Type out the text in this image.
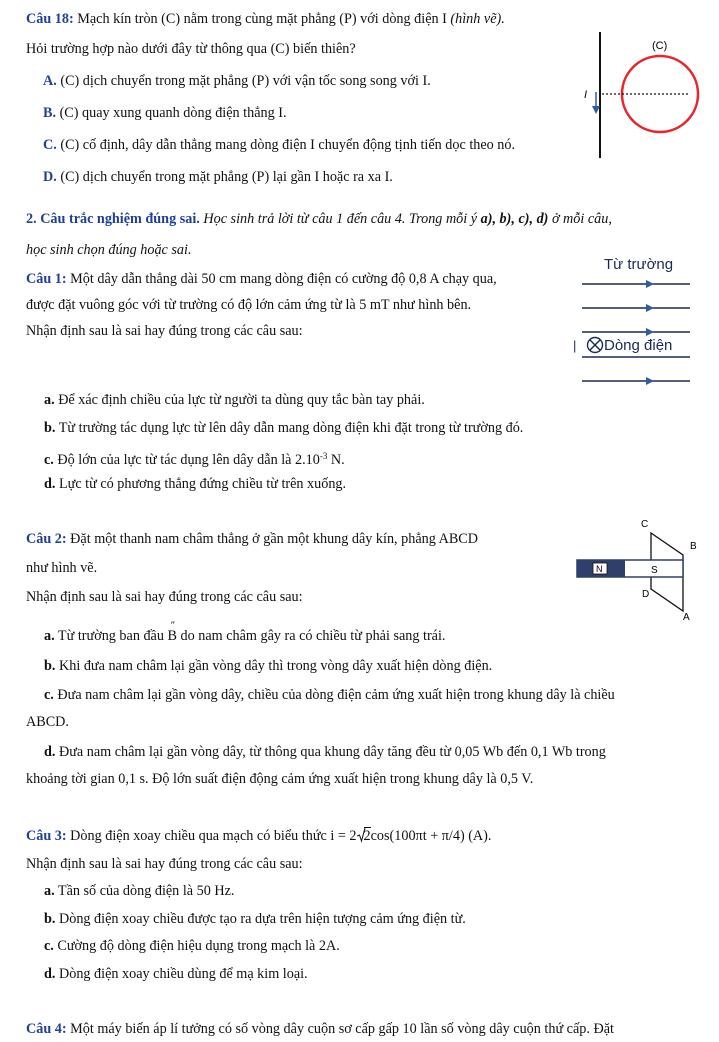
Câu 18: Mạch kín tròn (C) nằm trong cùng mặt phẳng (P) với dòng điện I (hình vẽ).
Hỏi trường hợp nào dưới đây từ thông qua (C) biến thiên?
A. (C) dịch chuyển trong mặt phẳng (P) với vận tốc song song với I.
B. (C) quay xung quanh dòng điện thẳng I.
C. (C) cố định, dây dẫn thẳng mang dòng điện I chuyển động tịnh tiến dọc theo nó.
D. (C) dịch chuyển trong mặt phẳng (P) lại gần I hoặc ra xa I.
(C)
I
2. Câu trắc nghiệm đúng sai. Học sinh trả lời từ câu 1 đến câu 4. Trong mỗi ý a), b), c), d) ở mỗi câu,
học sinh chọn đúng hoặc sai.
Câu 1: Một dây dẫn thẳng dài 50 cm mang dòng điện có cường độ 0,8 A chạy qua,
được đặt vuông góc với từ trường có độ lớn cảm ứng từ là 5 mT như hình bên.
Nhận định sau là sai hay đúng trong các câu sau:
Từ trường
| Dòng điện
a. Để xác định chiều của lực từ người ta dùng quy tắc bàn tay phải.
b. Từ trường tác dụng lực từ lên dây dẫn mang dòng điện khi đặt trong từ trường đó.
c. Độ lớn của lực từ tác dụng lên dây dẫn là $2.10^{-3}$ N.
d. Lực từ có phương thẳng đứng chiều từ trên xuống.
Câu 2: Đặt một thanh nam châm thẳng ở gần một khung dây kín, phẳng ABCD
như hình vẽ.
Nhận định sau là sai hay đúng trong các câu sau:
C
B
D
A
N	S
a. Từ trường ban đầu
″
B do nam châm gây ra có chiều từ phải sang trái.
b. Khi đưa nam châm lại gần vòng dây thì trong vòng dây xuất hiện dòng điện.
c. Đưa nam châm lại gần vòng dây, chiều của dòng điện cảm ứng xuất hiện trong khung dây là chiều
ABCD.
d. Đưa nam châm lại gần vòng dây, từ thông qua khung dây tăng đều từ 0,05 Wb đến 0,1 Wb trong
khoảng tời gian 0,1 s. Độ lớn suất điện động cảm ứng xuất hiện trong khung dây là 0,5 V.
Câu 3: Dòng điện xoay chiều qua mạch có biểu thức i = 2 2cos(100πt + π/4) (A).
Nhận định sau là sai hay đúng trong các câu sau:
a. Tần số của dòng điện là 50 Hz.
b. Dòng điện xoay chiều được tạo ra dựa trên hiện tượng cảm ứng điện từ.
c. Cường độ dòng điện hiệu dụng trong mạch là 2A.
d. Dòng điện xoay chiều dùng để mạ kim loại.
Câu 4: Một máy biến áp lí tưởng có số vòng dây cuộn sơ cấp gấp 10 lần số vòng dây cuộn thứ cấp. Đặt
